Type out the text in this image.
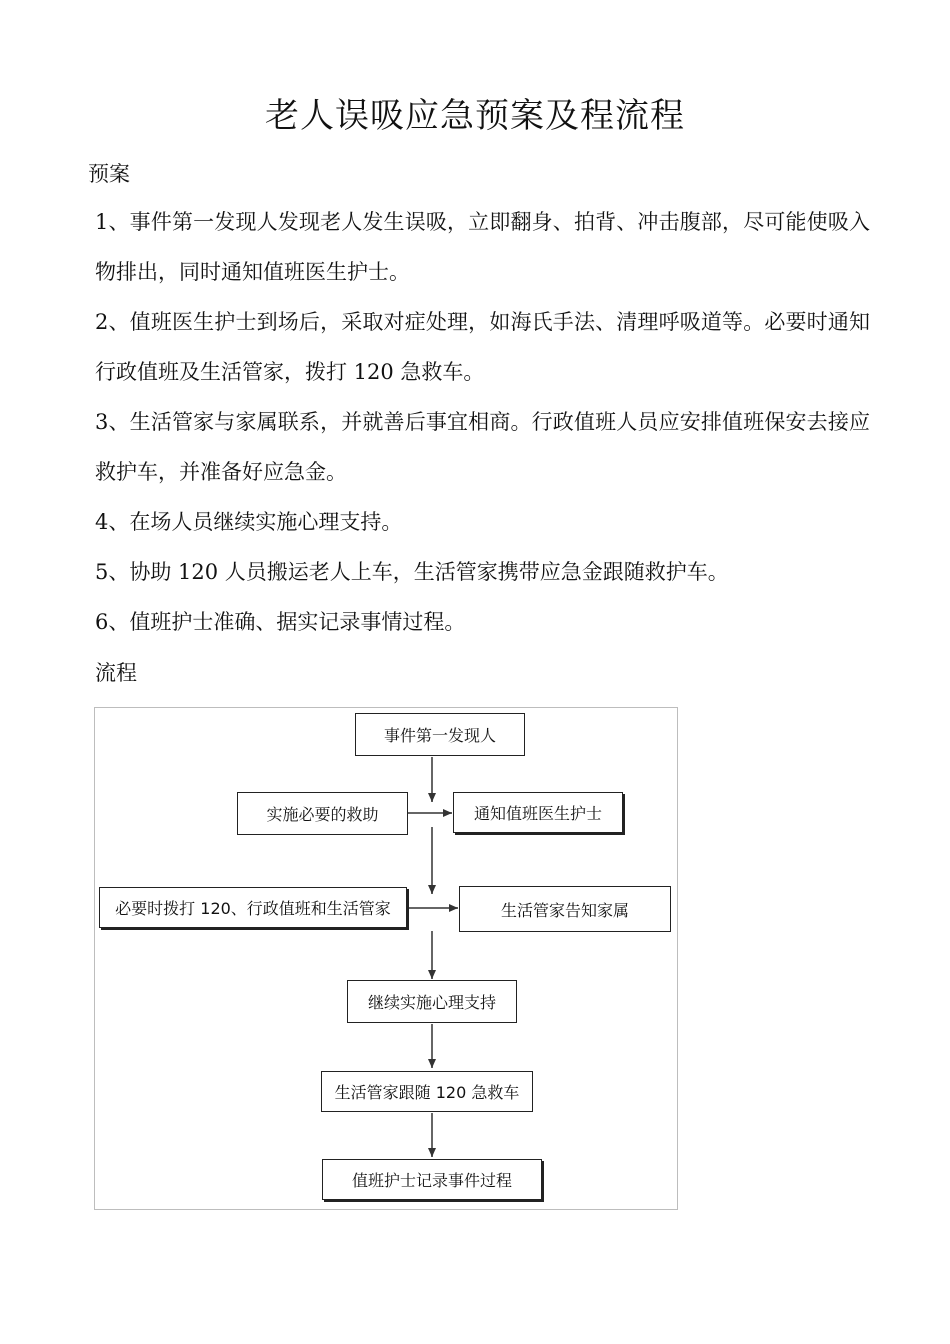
老人误吸应急预案及程流程
预案
1、事件第一发现人发现老人发生误吸，立即翻身、拍背、冲击腹部，尽可能使吸入物排出，同时通知值班医生护士。
2、值班医生护士到场后，采取对症处理，如海氏手法、清理呼吸道等。必要时通知行政值班及生活管家，拨打 120 急救车。
3、生活管家与家属联系，并就善后事宜相商。行政值班人员应安排值班保安去接应救护车，并准备好应急金。
4、在场人员继续实施心理支持。
5、协助 120 人员搬运老人上车，生活管家携带应急金跟随救护车。
6、值班护士准确、据实记录事情过程。
流程
事件第一发现人
实施必要的救助	通知值班医生护士
必要时拨打 120、行政值班和生活管家	生活管家告知家属
继续实施心理支持
生活管家跟随 120 急救车
值班护士记录事件过程
